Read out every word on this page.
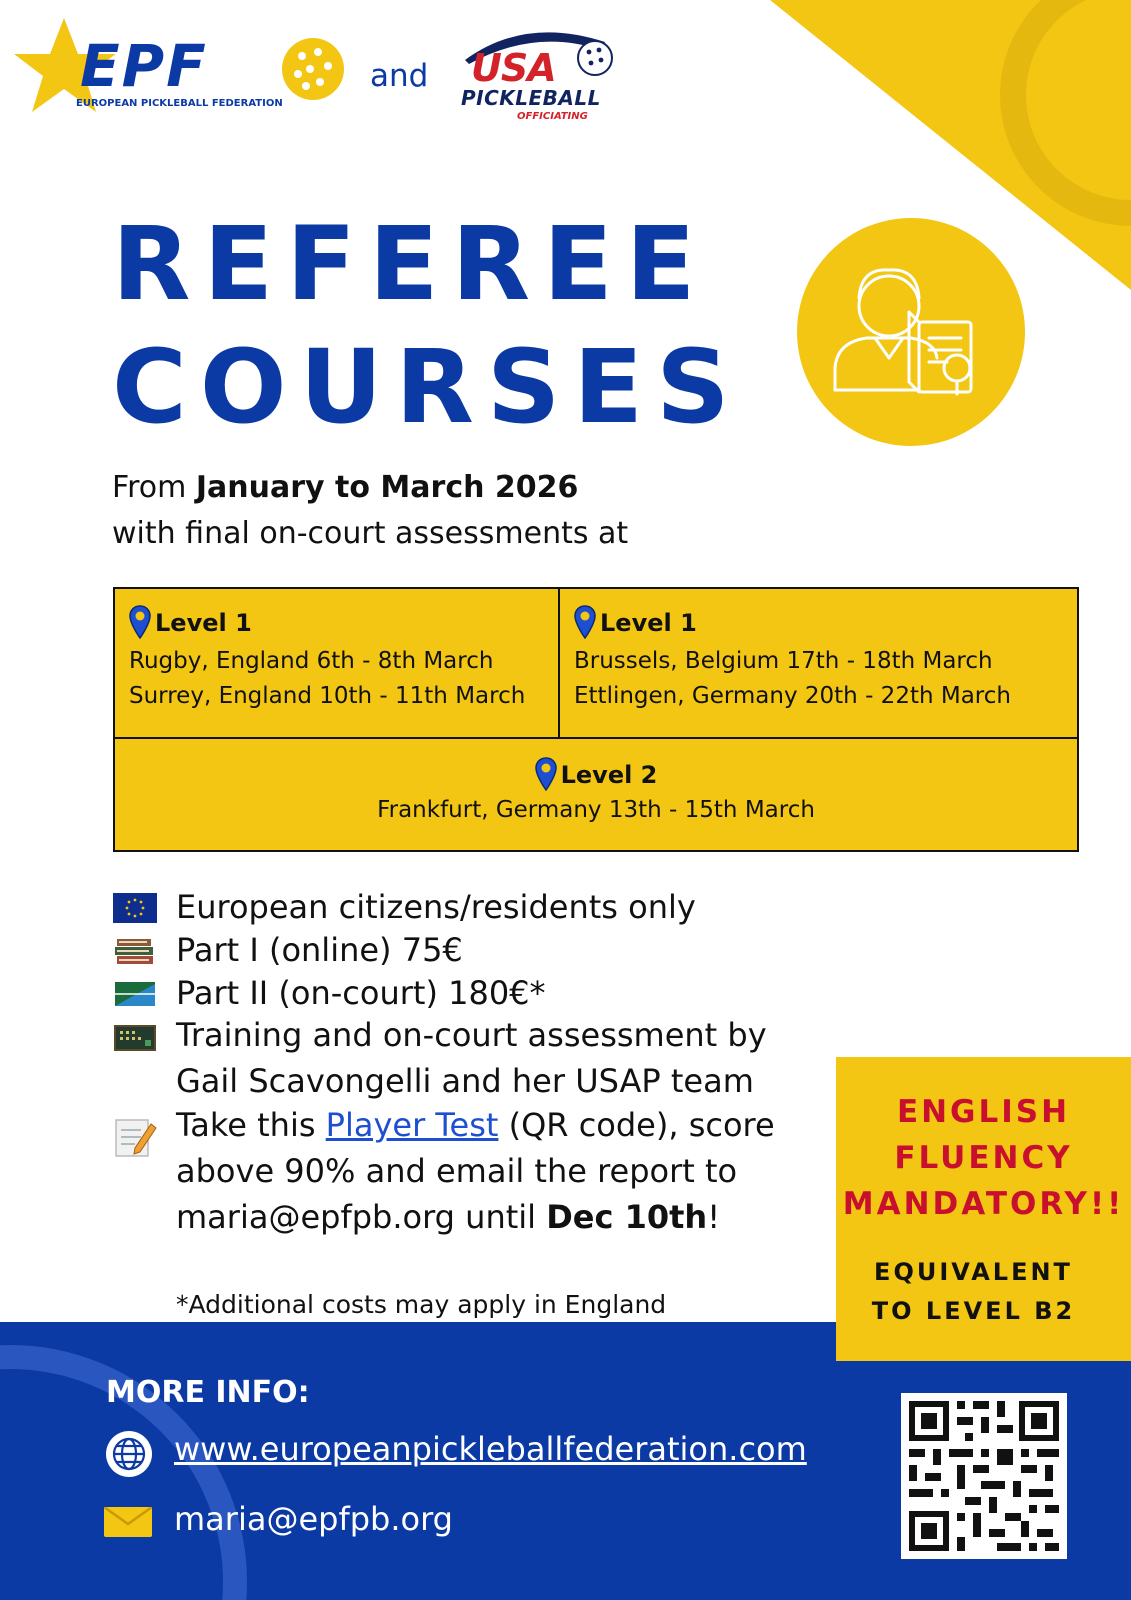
EPF
EUROPEAN PICKLEBALL FEDERATION
and USA
PICKLEBALL
OFFICIATING
REFEREE
COURSES
From January to March 2026
with final on-court assessments at
Level 1
Rugby, England 6th - 8th March
Surrey, England 10th - 11th March
Level 1
Brussels, Belgium 17th - 18th March
Ettlingen, Germany 20th - 22th March
Level 2
Frankfurt, Germany 13th - 15th March
European citizens/residents only
Part I (online) 75€
Part II (on-court) 180€*
Training and on-court assessment by
Gail Scavongelli and her USAP team
Take this Player Test (QR code), score
above 90% and email the report to
maria@epfpb.org until Dec 10th!
*Additional costs may apply in England
ENGLISH
FLUENCY
MANDATORY!!
EQUIVALENT
TO LEVEL B2
MORE INFO:
www.europeanpickleballfederation.com
maria@epfpb.org
